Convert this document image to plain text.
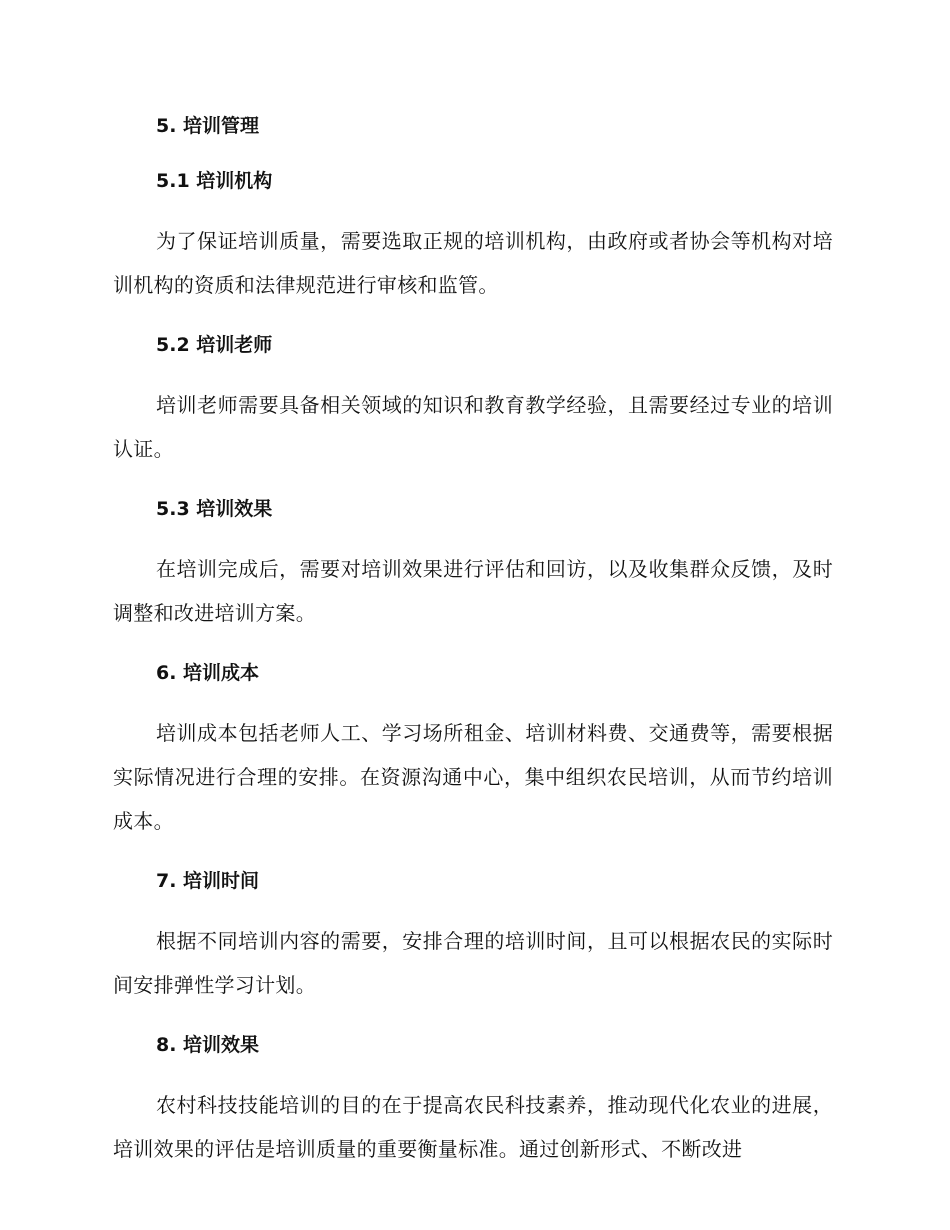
5. 培训管理
5.1 培训机构

为了保证培训质量，需要选取正规的培训机构，由政府或者协会等机构对培训机构的资质和法律规范进行审核和监管。

5.2 培训老师

培训老师需要具备相关领域的知识和教育教学经验，且需要经过专业的培训认证。

5.3 培训效果

在培训完成后，需要对培训效果进行评估和回访，以及收集群众反馈，及时调整和改进培训方案。

6. 培训成本

培训成本包括老师人工、学习场所租金、培训材料费、交通费等，需要根据实际情况进行合理的安排。在资源沟通中心，集中组织农民培训，从而节约培训成本。

7. 培训时间

根据不同培训内容的需要，安排合理的培训时间，且可以根据农民的实际时间安排弹性学习计划。

8. 培训效果

农村科技技能培训的目的在于提高农民科技素养，推动现代化农业的进展，培训效果的评估是培训质量的重要衡量标准。通过创新形式、不断改进
